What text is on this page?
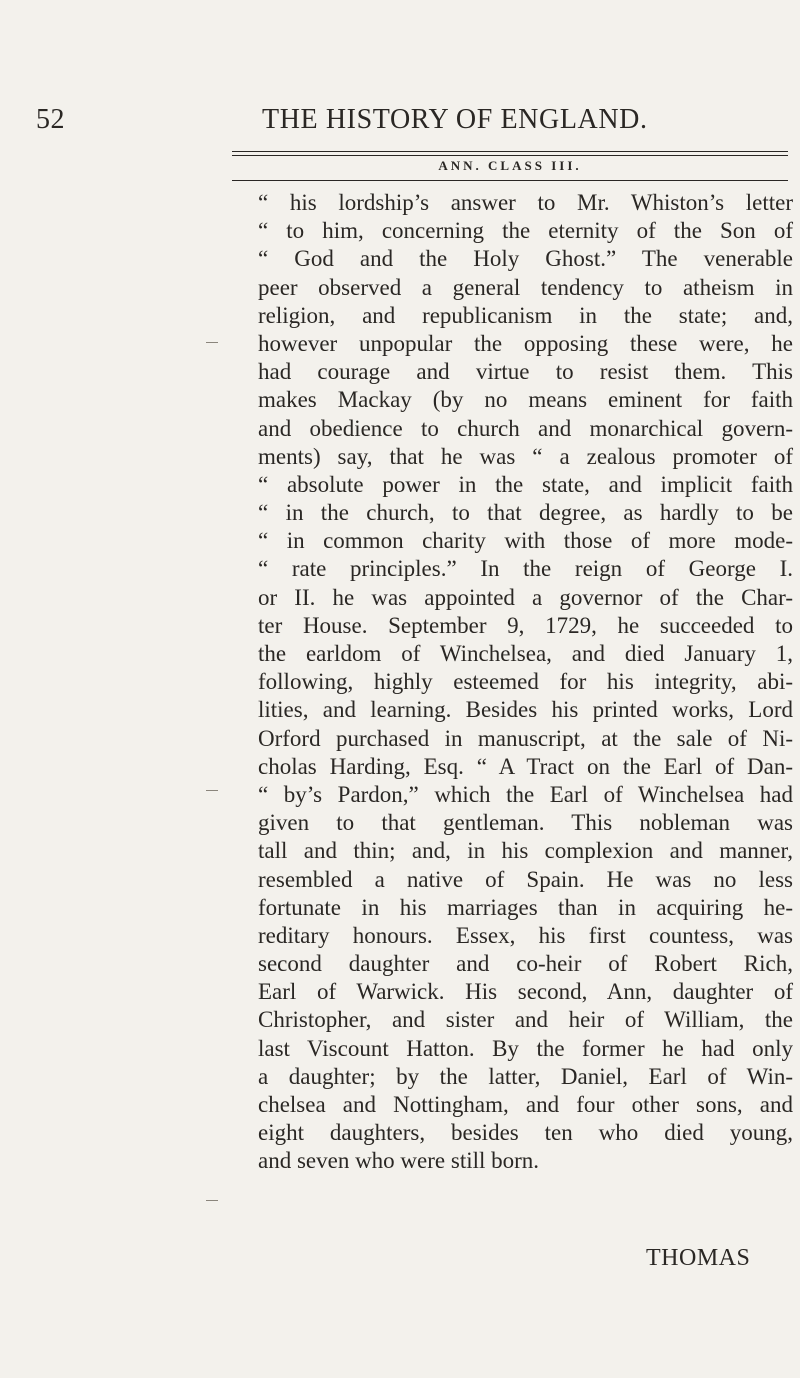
52	THE HISTORY OF ENGLAND.
ANN. CLASS III.
“ his lordship’s answer to Mr. Whiston’s letter
“ to him, concerning the eternity of the Son of
“ God and the Holy Ghost.” The venerable
peer observed a general tendency to atheism in
religion, and republicanism in the state; and,
however unpopular the opposing these were, he
had courage and virtue to resist them. This
makes Mackay (by no means eminent for faith
and obedience to church and monarchical govern-
ments) say, that he was “ a zealous promoter of
“ absolute power in the state, and implicit faith
“ in the church, to that degree, as hardly to be
“ in common charity with those of more mode-
“ rate principles.” In the reign of George I.
or II. he was appointed a governor of the Char-
ter House. September 9, 1729, he succeeded to
the earldom of Winchelsea, and died January 1,
following, highly esteemed for his integrity, abi-
lities, and learning. Besides his printed works, Lord
Orford purchased in manuscript, at the sale of Ni-
cholas Harding, Esq. “ A Tract on the Earl of Dan-
“ by’s Pardon,” which the Earl of Winchelsea had
given to that gentleman. This nobleman was
tall and thin; and, in his complexion and manner,
resembled a native of Spain. He was no less
fortunate in his marriages than in acquiring he-
reditary honours. Essex, his first countess, was
second daughter and co-heir of Robert Rich,
Earl of Warwick. His second, Ann, daughter of
Christopher, and sister and heir of William, the
last Viscount Hatton. By the former he had only
a daughter; by the latter, Daniel, Earl of Win-
chelsea and Nottingham, and four other sons, and
eight daughters, besides ten who died young,
and seven who were still born.
THOMAS
